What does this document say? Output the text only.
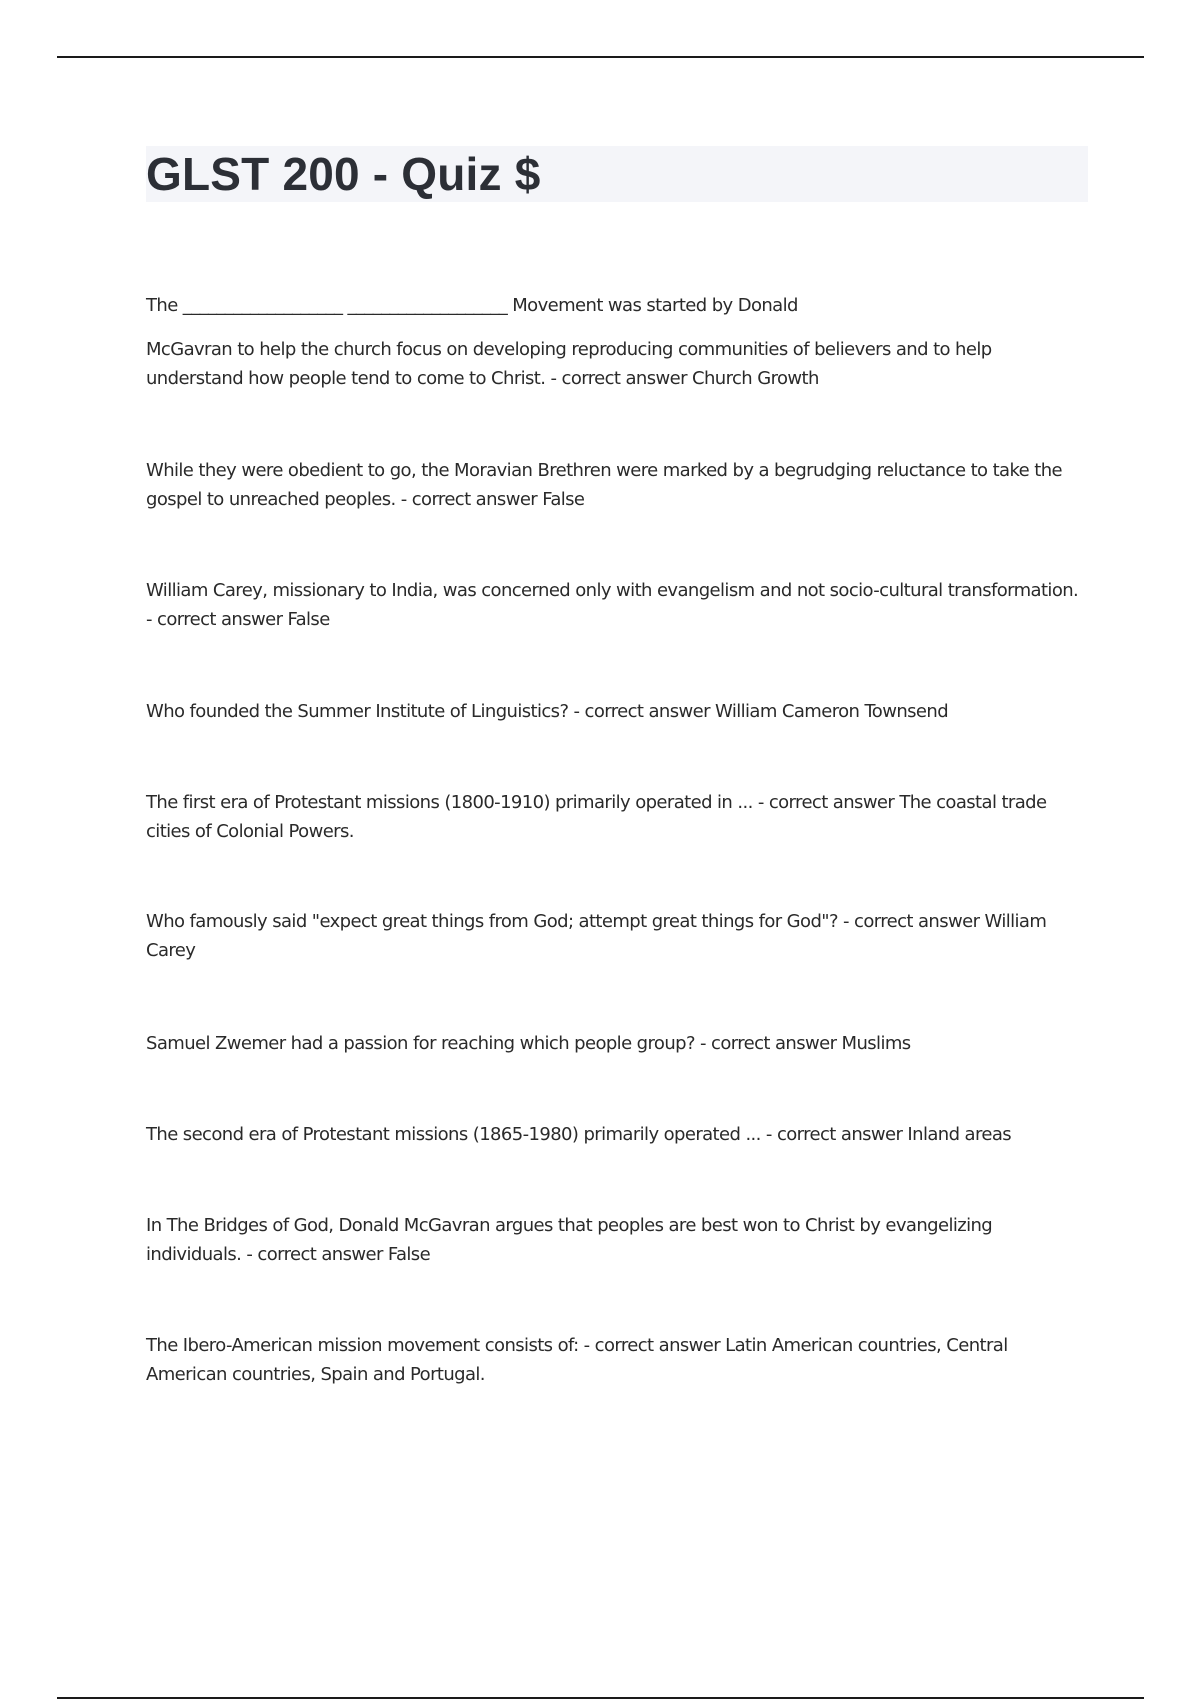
GLST 200 - Quiz $

The ___________________ ___________________ Movement was started by Donald

McGavran to help the church focus on developing reproducing communities of believers and to help understand how people tend to come to Christ. - correct answer Church Growth

While they were obedient to go, the Moravian Brethren were marked by a begrudging reluctance to take the gospel to unreached peoples. - correct answer False

William Carey, missionary to India, was concerned only with evangelism and not socio-cultural transformation. - correct answer False

Who founded the Summer Institute of Linguistics? - correct answer William Cameron Townsend

The first era of Protestant missions (1800-1910) primarily operated in ... - correct answer The coastal trade cities of Colonial Powers.

Who famously said "expect great things from God; attempt great things for God"? - correct answer William Carey

Samuel Zwemer had a passion for reaching which people group? - correct answer Muslims

The second era of Protestant missions (1865-1980) primarily operated ... - correct answer Inland areas

In The Bridges of God, Donald McGavran argues that peoples are best won to Christ by evangelizing individuals. - correct answer False

The Ibero-American mission movement consists of: - correct answer Latin American countries, Central American countries, Spain and Portugal.
